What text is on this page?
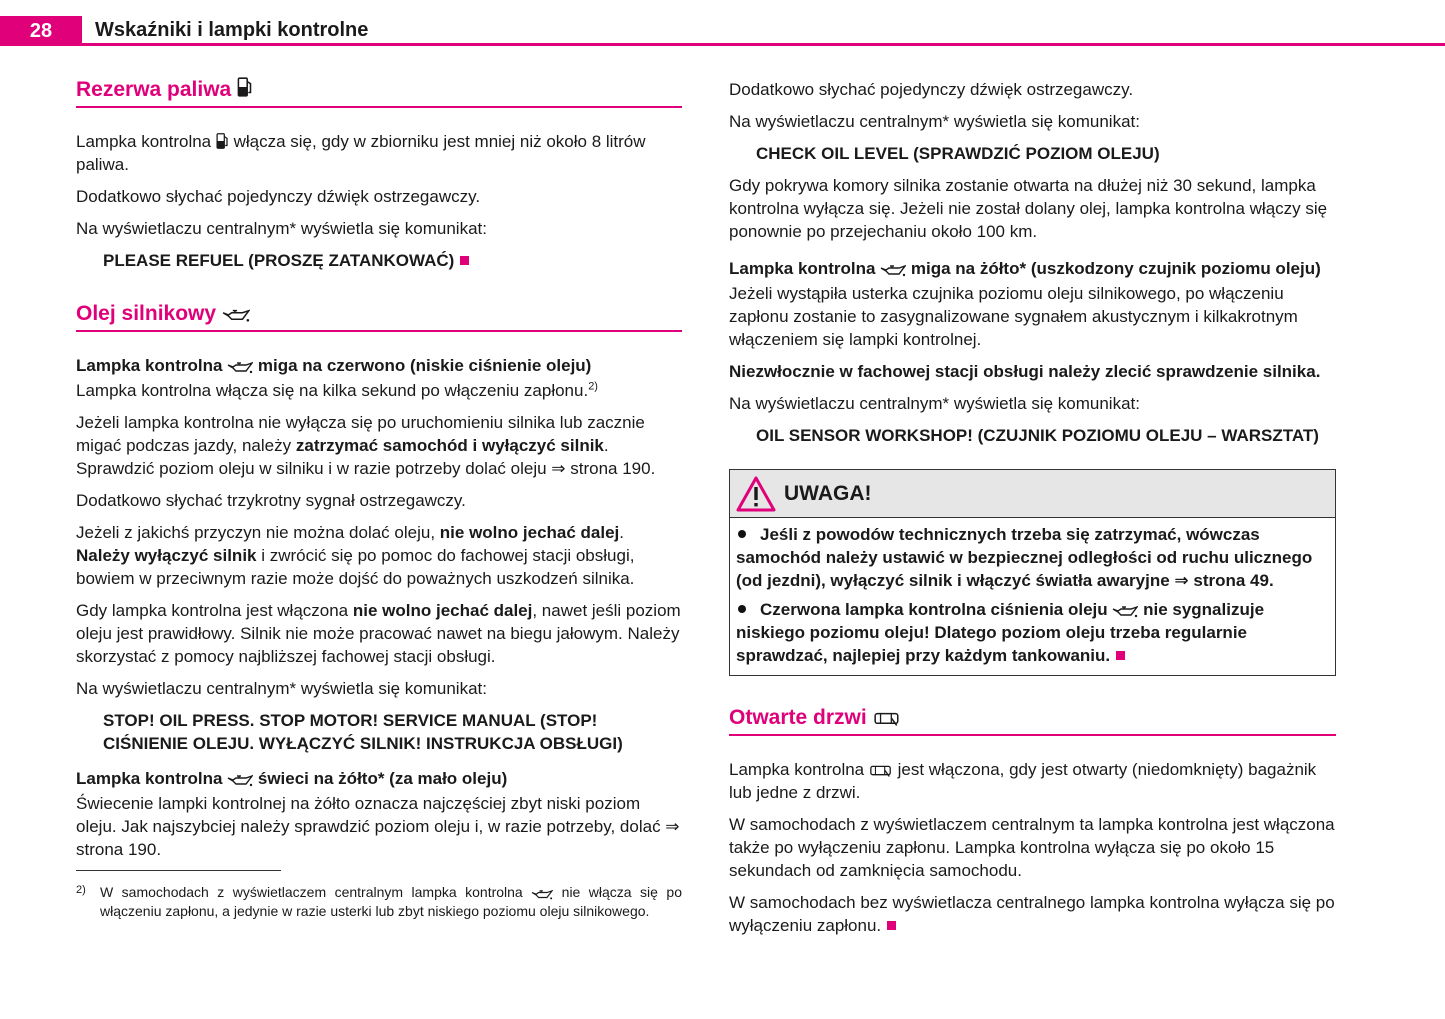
28	Wskaźniki i lampki kontrolne
Rezerwa paliwa

Lampka kontrolna  włącza się, gdy w zbiorniku jest mniej niż około 8 litrów paliwa.

Dodatkowo słychać pojedynczy dźwięk ostrzegawczy.

Na wyświetlaczu centralnym* wyświetla się komunikat:

PLEASE REFUEL (PROSZĘ ZATANKOWAĆ)

Olej silnikowy

Lampka kontrolna  miga na czerwono (niskie ciśnienie oleju)

Lampka kontrolna włącza się na kilka sekund po włączeniu zapłonu.$^{2)}$

Jeżeli lampka kontrolna nie wyłącza się po uruchomieniu silnika lub zacznie migać podczas jazdy, należy zatrzymać samochód i wyłączyć silnik. Sprawdzić poziom oleju w silniku i w razie potrzeby dolać oleju ⇒ strona 190.

Dodatkowo słychać trzykrotny sygnał ostrzegawczy.

Jeżeli z jakichś przyczyn nie można dolać oleju, nie wolno jechać dalej. Należy wyłączyć silnik i zwrócić się po pomoc do fachowej stacji obsługi, bowiem w przeciwnym razie może dojść do poważnych uszkodzeń silnika.

Gdy lampka kontrolna jest włączona nie wolno jechać dalej, nawet jeśli poziom oleju jest prawidłowy. Silnik nie może pracować nawet na biegu jałowym. Należy skorzystać z pomocy najbliższej fachowej stacji obsługi.

Na wyświetlaczu centralnym* wyświetla się komunikat:

STOP! OIL PRESS. STOP MOTOR! SERVICE MANUAL (STOP! CIŚNIENIE OLEJU. WYŁĄCZYĆ SILNIK! INSTRUKCJA OBSŁUGI)

Lampka kontrolna  świeci na żółto* (za mało oleju)

Świecenie lampki kontrolnej na żółto oznacza najczęściej zbyt niski poziom oleju. Jak najszybciej należy sprawdzić poziom oleju i, w razie potrzeby, dolać ⇒ strona 190.

2)	W samochodach z wyświetlaczem centralnym lampka kontrolna  nie włącza się po włączeniu zapłonu, a jedynie w razie usterki lub zbyt niskiego poziomu oleju silnikowego.

Dodatkowo słychać pojedynczy dźwięk ostrzegawczy.

Na wyświetlaczu centralnym* wyświetla się komunikat:

CHECK OIL LEVEL (SPRAWDZIĆ POZIOM OLEJU)

Gdy pokrywa komory silnika zostanie otwarta na dłużej niż 30 sekund, lampka kontrolna wyłącza się. Jeżeli nie został dolany olej, lampka kontrolna włączy się ponownie po przejechaniu około 100 km.

Lampka kontrolna  miga na żółto* (uszkodzony czujnik poziomu oleju)

Jeżeli wystąpiła usterka czujnika poziomu oleju silnikowego, po włączeniu zapłonu zostanie to zasygnalizowane sygnałem akustycznym i kilkakrotnym włączeniem się lampki kontrolnej.

Niezwłocznie w fachowej stacji obsługi należy zlecić sprawdzenie silnika.

Na wyświetlaczu centralnym* wyświetla się komunikat:

OIL SENSOR WORKSHOP! (CZUJNIK POZIOMU OLEJU – WARSZTAT)

UWAGA!

Jeśli z powodów technicznych trzeba się zatrzymać, wówczas samochód należy ustawić w bezpiecznej odległości od ruchu ulicznego (od jezdni), wyłączyć silnik i włączyć światła awaryjne ⇒ strona 49.

Czerwona lampka kontrolna ciśnienia oleju  nie sygnalizuje niskiego poziomu oleju! Dlatego poziom oleju trzeba regularnie sprawdzać, najlepiej przy każdym tankowaniu.

Otwarte drzwi

Lampka kontrolna  jest włączona, gdy jest otwarty (niedomknięty) bagażnik lub jedne z drzwi.

W samochodach z wyświetlaczem centralnym ta lampka kontrolna jest włączona także po wyłączeniu zapłonu. Lampka kontrolna wyłącza się po około 15 sekundach od zamknięcia samochodu.

W samochodach bez wyświetlacza centralnego lampka kontrolna wyłącza się po wyłączeniu zapłonu.
